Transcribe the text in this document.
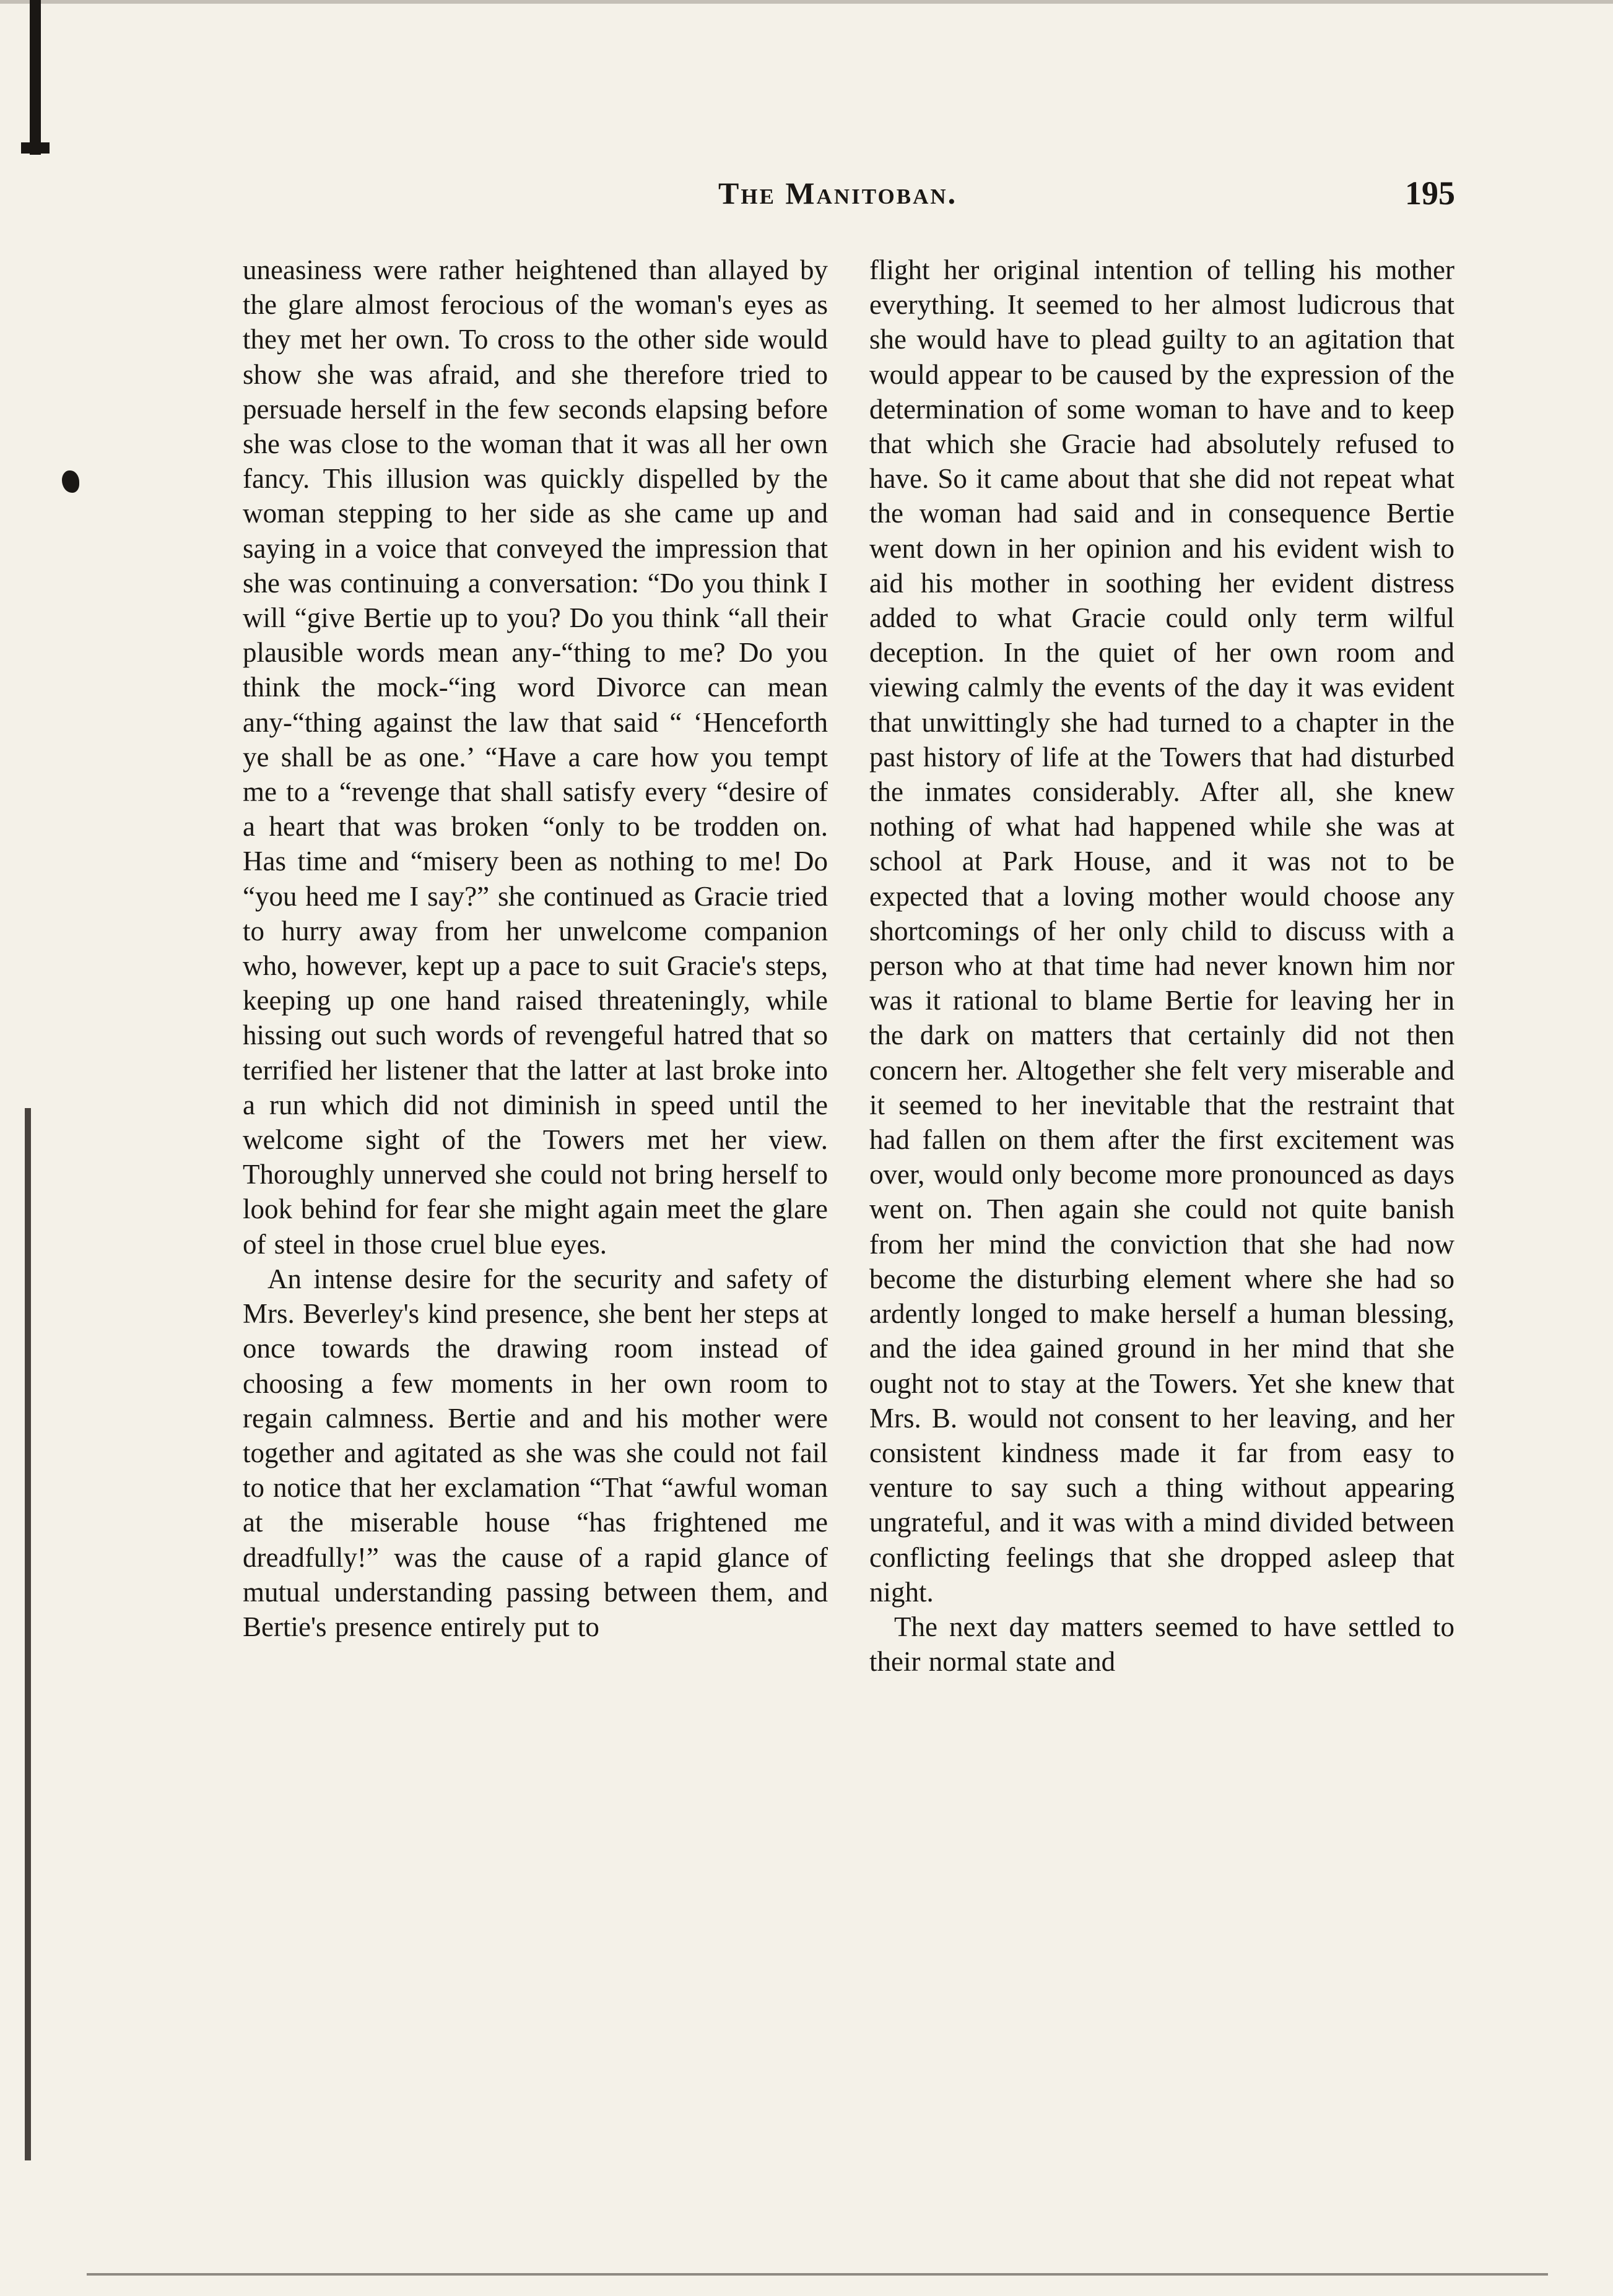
The Manitoban.	195

uneasiness were rather heightened than allayed by the glare almost ferocious of the woman's eyes as they met her own. To cross to the other side would show she was afraid, and she therefore tried to persuade herself in the few seconds elapsing before she was close to the woman that it was all her own fancy. This illusion was quickly dispelled by the woman stepping to her side as she came up and saying in a voice that conveyed the impression that she was continuing a conversation: “Do you think I will “give Bertie up to you? Do you think “all their plausible words mean any-“thing to me? Do you think the mock-“ing word Divorce can mean any-“thing against the law that said “ ‘Henceforth ye shall be as one.’ “Have a care how you tempt me to a “revenge that shall satisfy every “desire of a heart that was broken “only to be trodden on. Has time and “misery been as nothing to me! Do “you heed me I say?” she continued as Gracie tried to hurry away from her unwelcome companion who, however, kept up a pace to suit Gracie's steps, keeping up one hand raised threateningly, while hissing out such words of revengeful hatred that so terrified her listener that the latter at last broke into a run which did not diminish in speed until the welcome sight of the Towers met her view. Thoroughly unnerved she could not bring herself to look behind for fear she might again meet the glare of steel in those cruel blue eyes.

An intense desire for the security and safety of Mrs. Beverley's kind presence, she bent her steps at once towards the drawing room instead of choosing a few moments in her own room to regain calmness. Bertie and and his mother were together and agitated as she was she could not fail to notice that her exclamation “That “awful woman at the miserable house “has frightened me dreadfully!” was the cause of a rapid glance of mutual understanding passing between them, and Bertie's presence entirely put to

flight her original intention of telling his mother everything. It seemed to her almost ludicrous that she would have to plead guilty to an agitation that would appear to be caused by the expression of the determination of some woman to have and to keep that which she Gracie had absolutely refused to have. So it came about that she did not repeat what the woman had said and in consequence Bertie went down in her opinion and his evident wish to aid his mother in soothing her evident distress added to what Gracie could only term wilful deception. In the quiet of her own room and viewing calmly the events of the day it was evident that unwittingly she had turned to a chapter in the past history of life at the Towers that had disturbed the inmates considerably. After all, she knew nothing of what had happened while she was at school at Park House, and it was not to be expected that a loving mother would choose any shortcomings of her only child to discuss with a person who at that time had never known him nor was it rational to blame Bertie for leaving her in the dark on matters that certainly did not then concern her. Altogether she felt very miserable and it seemed to her inevitable that the restraint that had fallen on them after the first excitement was over, would only become more pronounced as days went on. Then again she could not quite banish from her mind the conviction that she had now become the disturbing element where she had so ardently longed to make herself a human blessing, and the idea gained ground in her mind that she ought not to stay at the Towers. Yet she knew that Mrs. B. would not consent to her leaving, and her consistent kindness made it far from easy to venture to say such a thing without appearing ungrateful, and it was with a mind divided between conflicting feelings that she dropped asleep that night.

The next day matters seemed to have settled to their normal state and
